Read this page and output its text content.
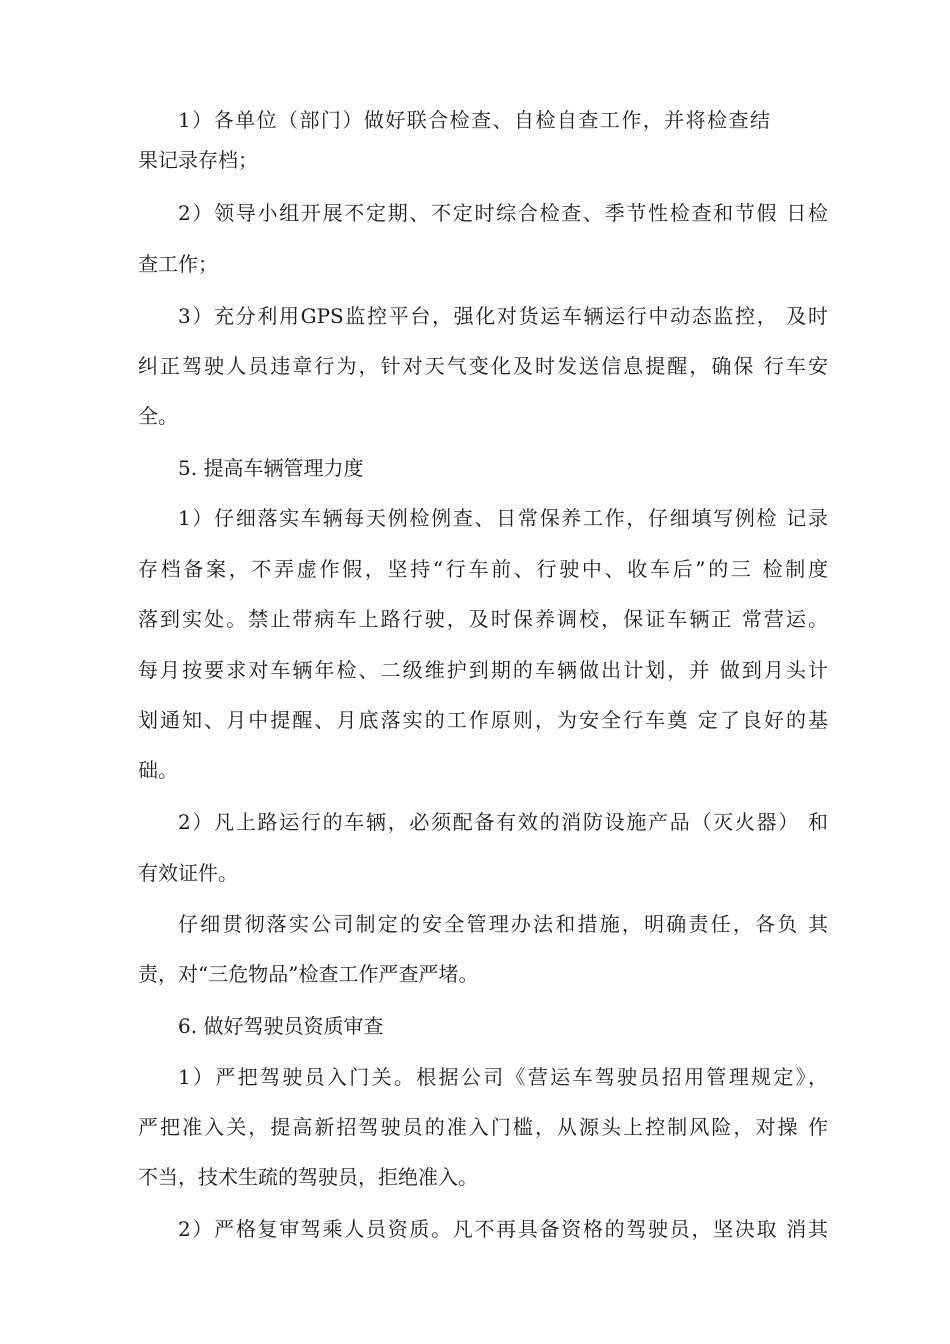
1）各单位（部门）做好联合检查、自检自查工作，并将检查结
果记录存档；
2）领导小组开展不定期、不定时综合检查、季节性检查和节假 日检
查工作；
3）充分利用GPS监控平台，强化对货运车辆运行中动态监控， 及时
纠正驾驶人员违章行为，针对天气变化及时发送信息提醒，确保 行车安
全。
5. 提高车辆管理力度
1）仔细落实车辆每天例检例查、日常保养工作，仔细填写例检 记录
存档备案，不弄虚作假，坚持“行车前、行驶中、收车后”的三 检制度
落到实处。禁止带病车上路行驶，及时保养调校，保证车辆正 常营运。
每月按要求对车辆年检、二级维护到期的车辆做出计划，并 做到月头计
划通知、月中提醒、月底落实的工作原则，为安全行车奠 定了良好的基
础。
2）凡上路运行的车辆，必须配备有效的消防设施产品（灭火器） 和
有效证件。
仔细贯彻落实公司制定的安全管理办法和措施，明确责任，各负 其
责，对“三危物品”检查工作严查严堵。
6. 做好驾驶员资质审查
1）严把驾驶员入门关。根据公司《营运车驾驶员招用管理规定》，
严把准入关，提高新招驾驶员的准入门槛，从源头上控制风险，对操 作
不当，技术生疏的驾驶员，拒绝准入。
2）严格复审驾乘人员资质。凡不再具备资格的驾驶员，坚决取 消其
